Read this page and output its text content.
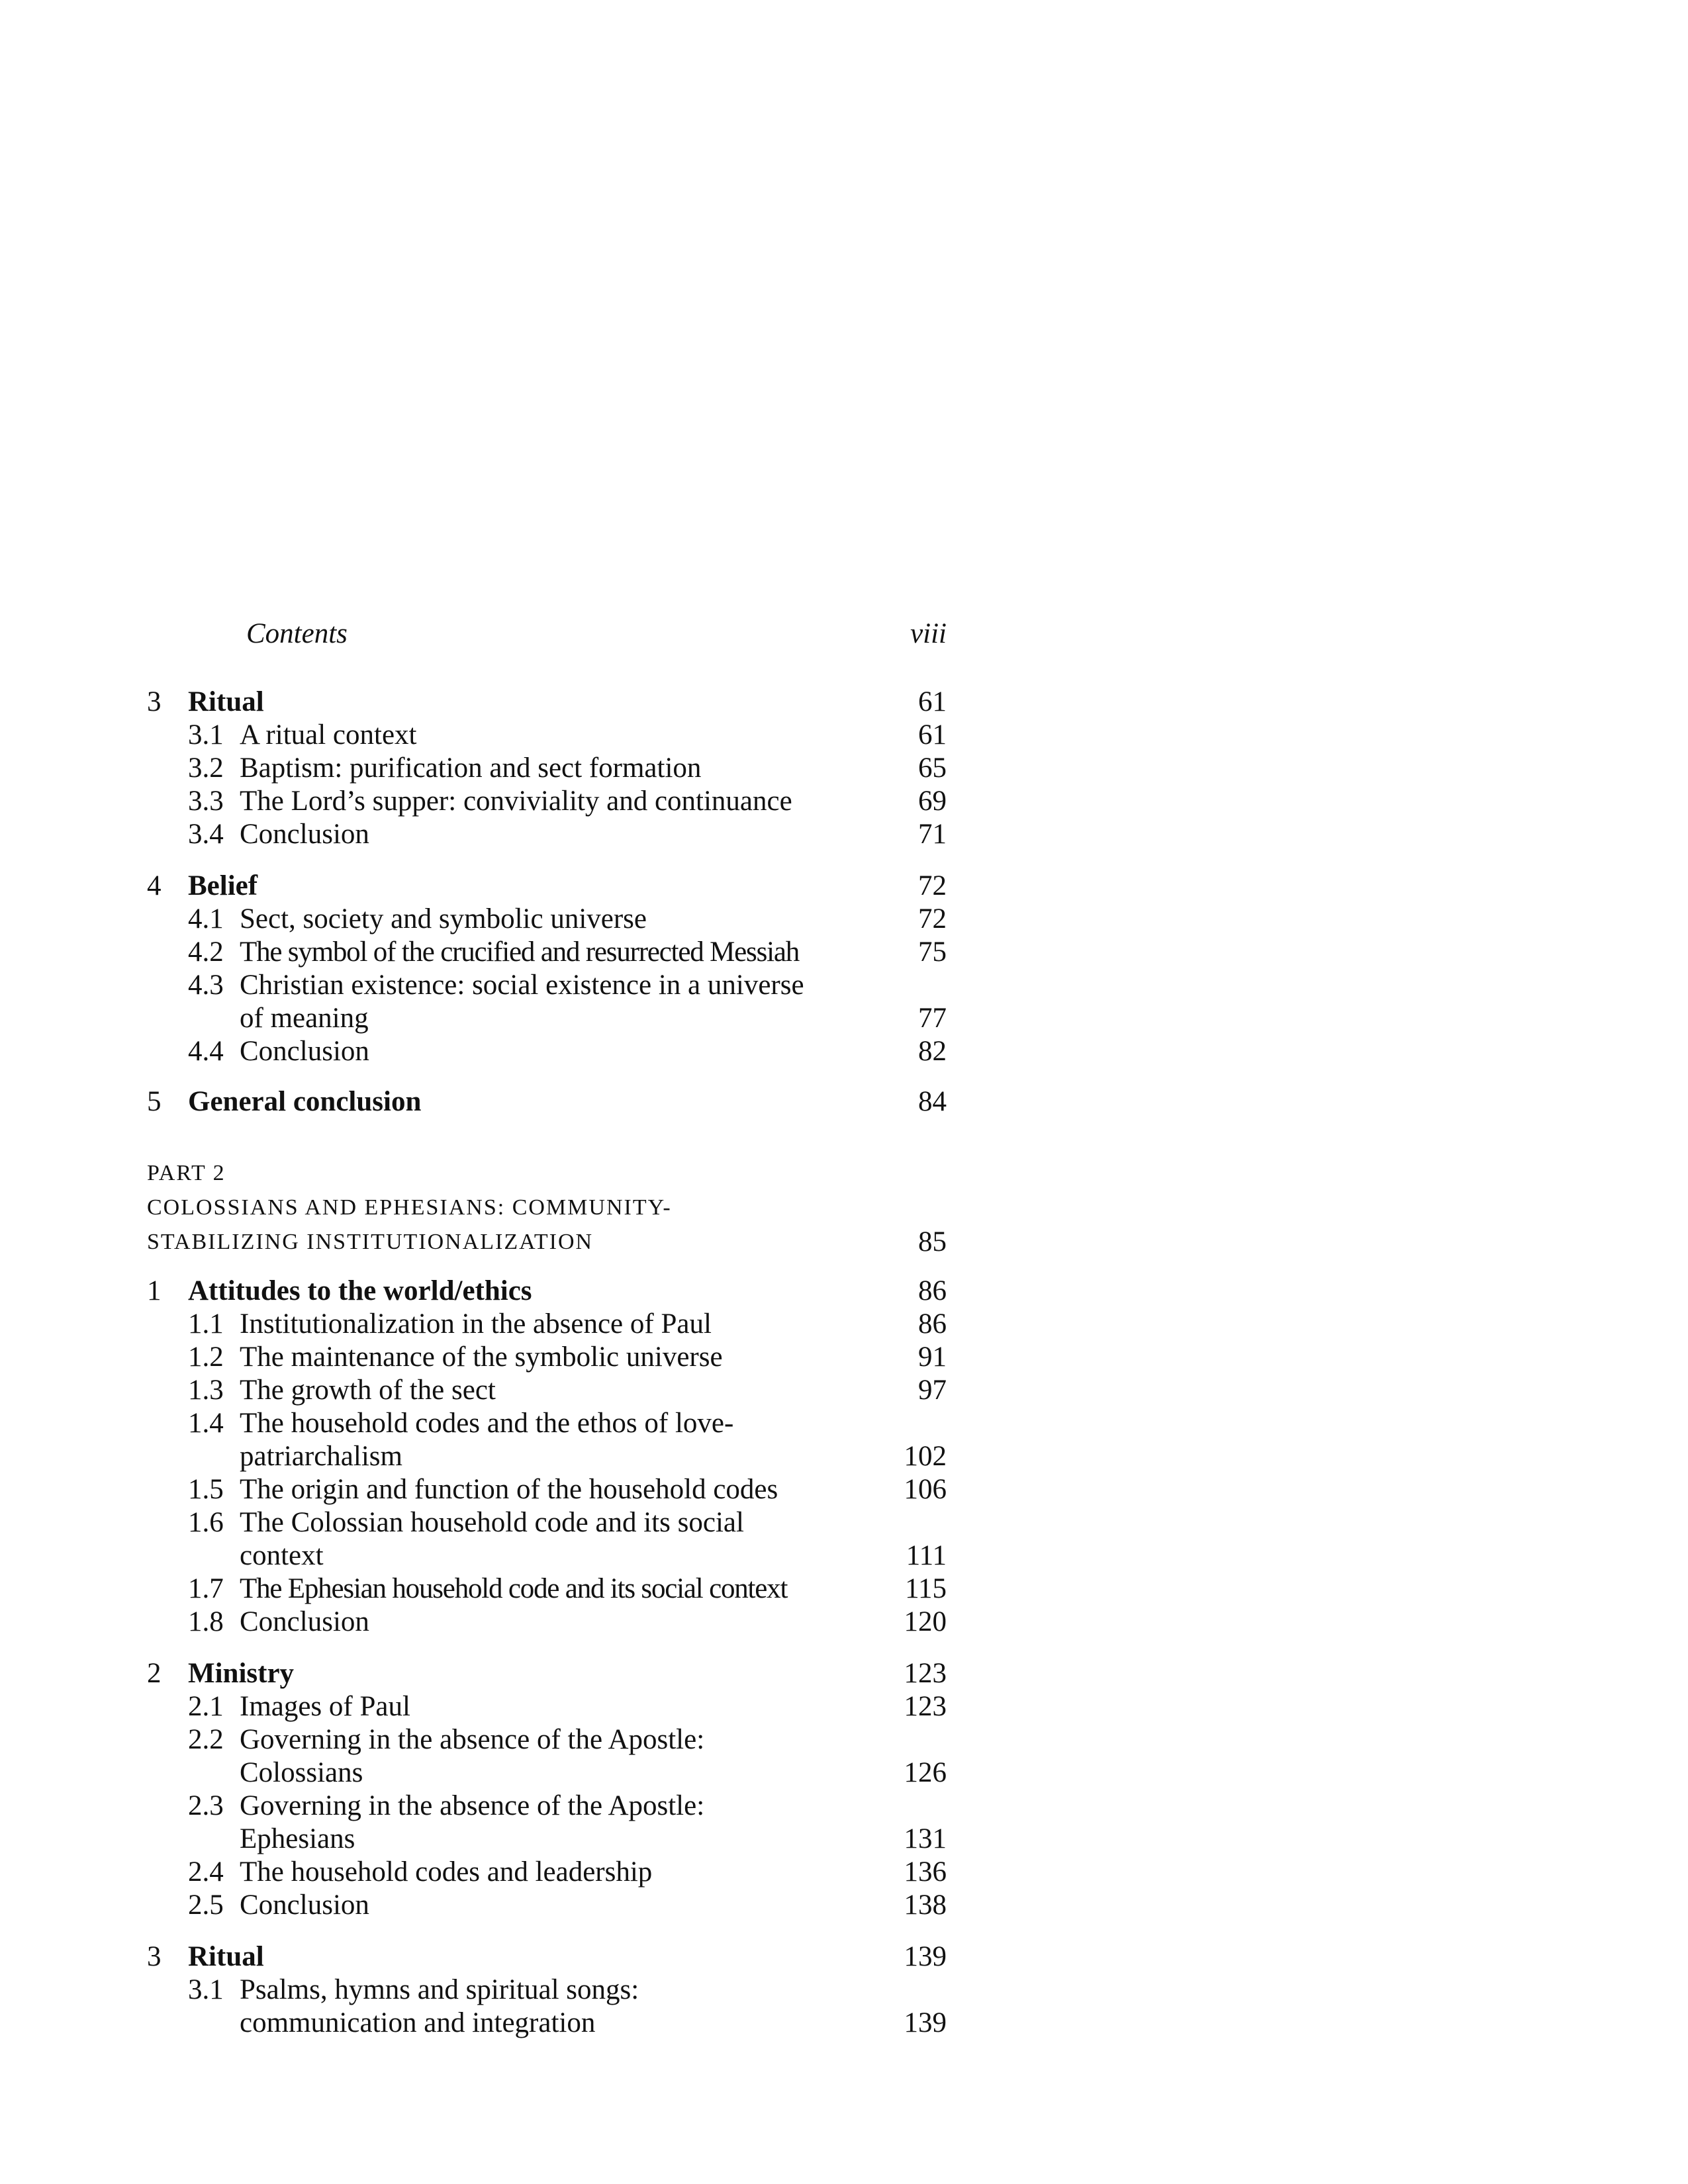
Contents	viii
3 Ritual	61
3.1 A ritual context	61
3.2 Baptism: purification and sect formation	65
3.3 The Lord’s supper: conviviality and continuance	69
3.4 Conclusion	71
4 Belief	72
4.1 Sect, society and symbolic universe	72
4.2 The symbol of the crucified and resurrected Messiah	75
4.3 Christian existence: social existence in a universe
of meaning	77
4.4 Conclusion	82
5 General conclusion	84
PART 2
COLOSSIANS AND EPHESIANS: COMMUNITY-
STABILIZING INSTITUTIONALIZATION	85
1 Attitudes to the world/ethics	86
1.1 Institutionalization in the absence of Paul	86
1.2 The maintenance of the symbolic universe	91
1.3 The growth of the sect	97
1.4 The household codes and the ethos of love-
patriarchalism	102
1.5 The origin and function of the household codes	106
1.6 The Colossian household code and its social
context	111
1.7 The Ephesian household code and its social context	115
1.8 Conclusion	120
2 Ministry	123
2.1 Images of Paul	123
2.2 Governing in the absence of the Apostle:
Colossians	126
2.3 Governing in the absence of the Apostle:
Ephesians	131
2.4 The household codes and leadership	136
2.5 Conclusion	138
3 Ritual	139
3.1 Psalms, hymns and spiritual songs:
communication and integration	139
